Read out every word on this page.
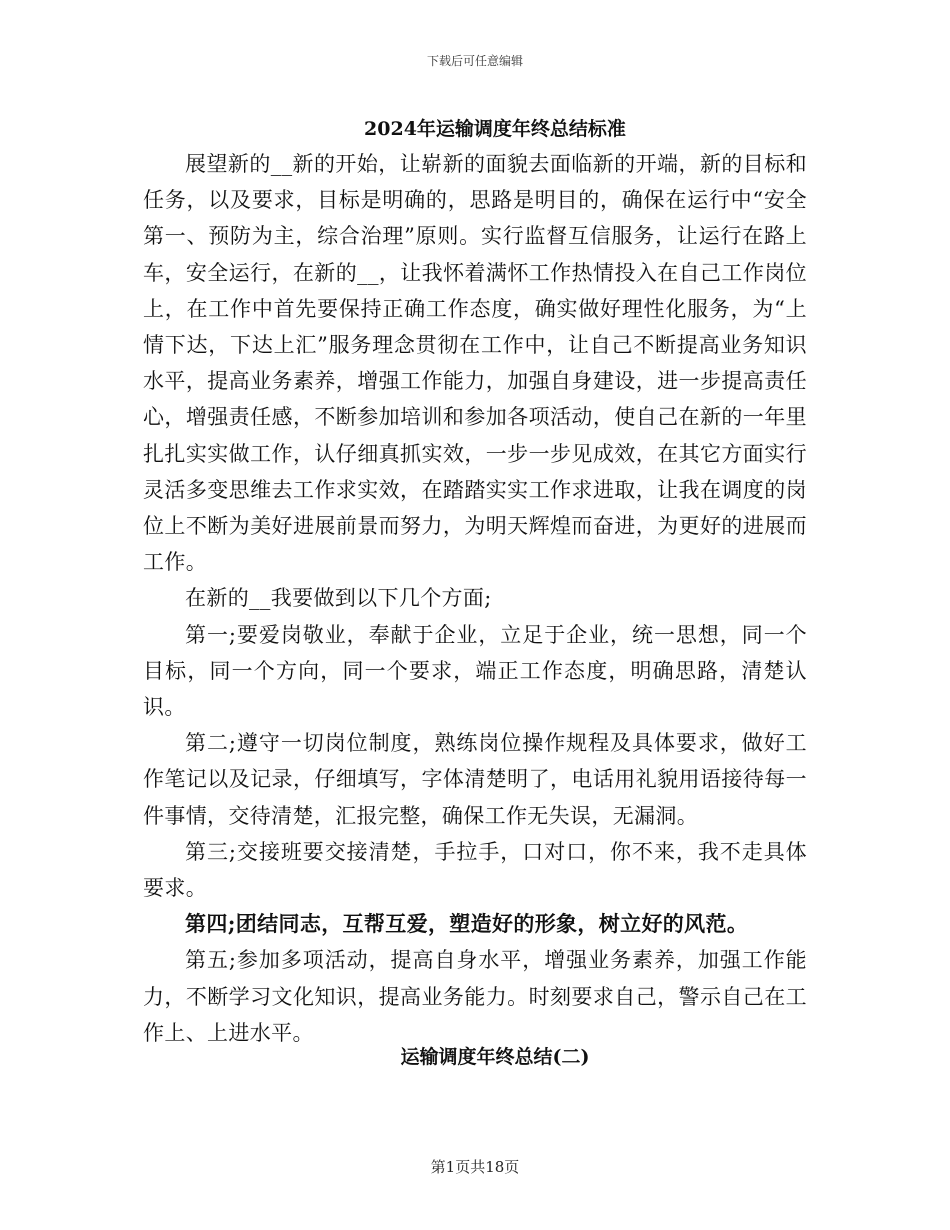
下载后可任意编辑
2024年运输调度年终总结标准

展望新的__新的开始，让崭新的面貌去面临新的开端，新的目标和任务，以及要求，目标是明确的，思路是明目的，确保在运行中“安全第一、预防为主，综合治理”原则。实行监督互信服务，让运行在路上车，安全运行，在新的__，让我怀着满怀工作热情投入在自己工作岗位上，在工作中首先要保持正确工作态度，确实做好理性化服务，为“上情下达，下达上汇”服务理念贯彻在工作中，让自己不断提高业务知识水平，提高业务素养，增强工作能力，加强自身建设，进一步提高责任心，增强责任感，不断参加培训和参加各项活动，使自己在新的一年里扎扎实实做工作，认仔细真抓实效，一步一步见成效，在其它方面实行灵活多变思维去工作求实效，在踏踏实实工作求进取，让我在调度的岗位上不断为美好进展前景而努力，为明天辉煌而奋进，为更好的进展而工作。

在新的__我要做到以下几个方面;

第一;要爱岗敬业，奉献于企业，立足于企业，统一思想，同一个目标，同一个方向，同一个要求，端正工作态度，明确思路，清楚认识。

第二;遵守一切岗位制度，熟练岗位操作规程及具体要求，做好工作笔记以及记录，仔细填写，字体清楚明了，电话用礼貌用语接待每一件事情，交待清楚，汇报完整，确保工作无失误，无漏洞。

第三;交接班要交接清楚，手拉手，口对口，你不来，我不走具体要求。

第四;团结同志，互帮互爱，塑造好的形象，树立好的风范。

第五;参加多项活动，提高自身水平，增强业务素养，加强工作能力，不断学习文化知识，提高业务能力。时刻要求自己，警示自己在工作上、上进水平。

运输调度年终总结(二)
第1页共18页
